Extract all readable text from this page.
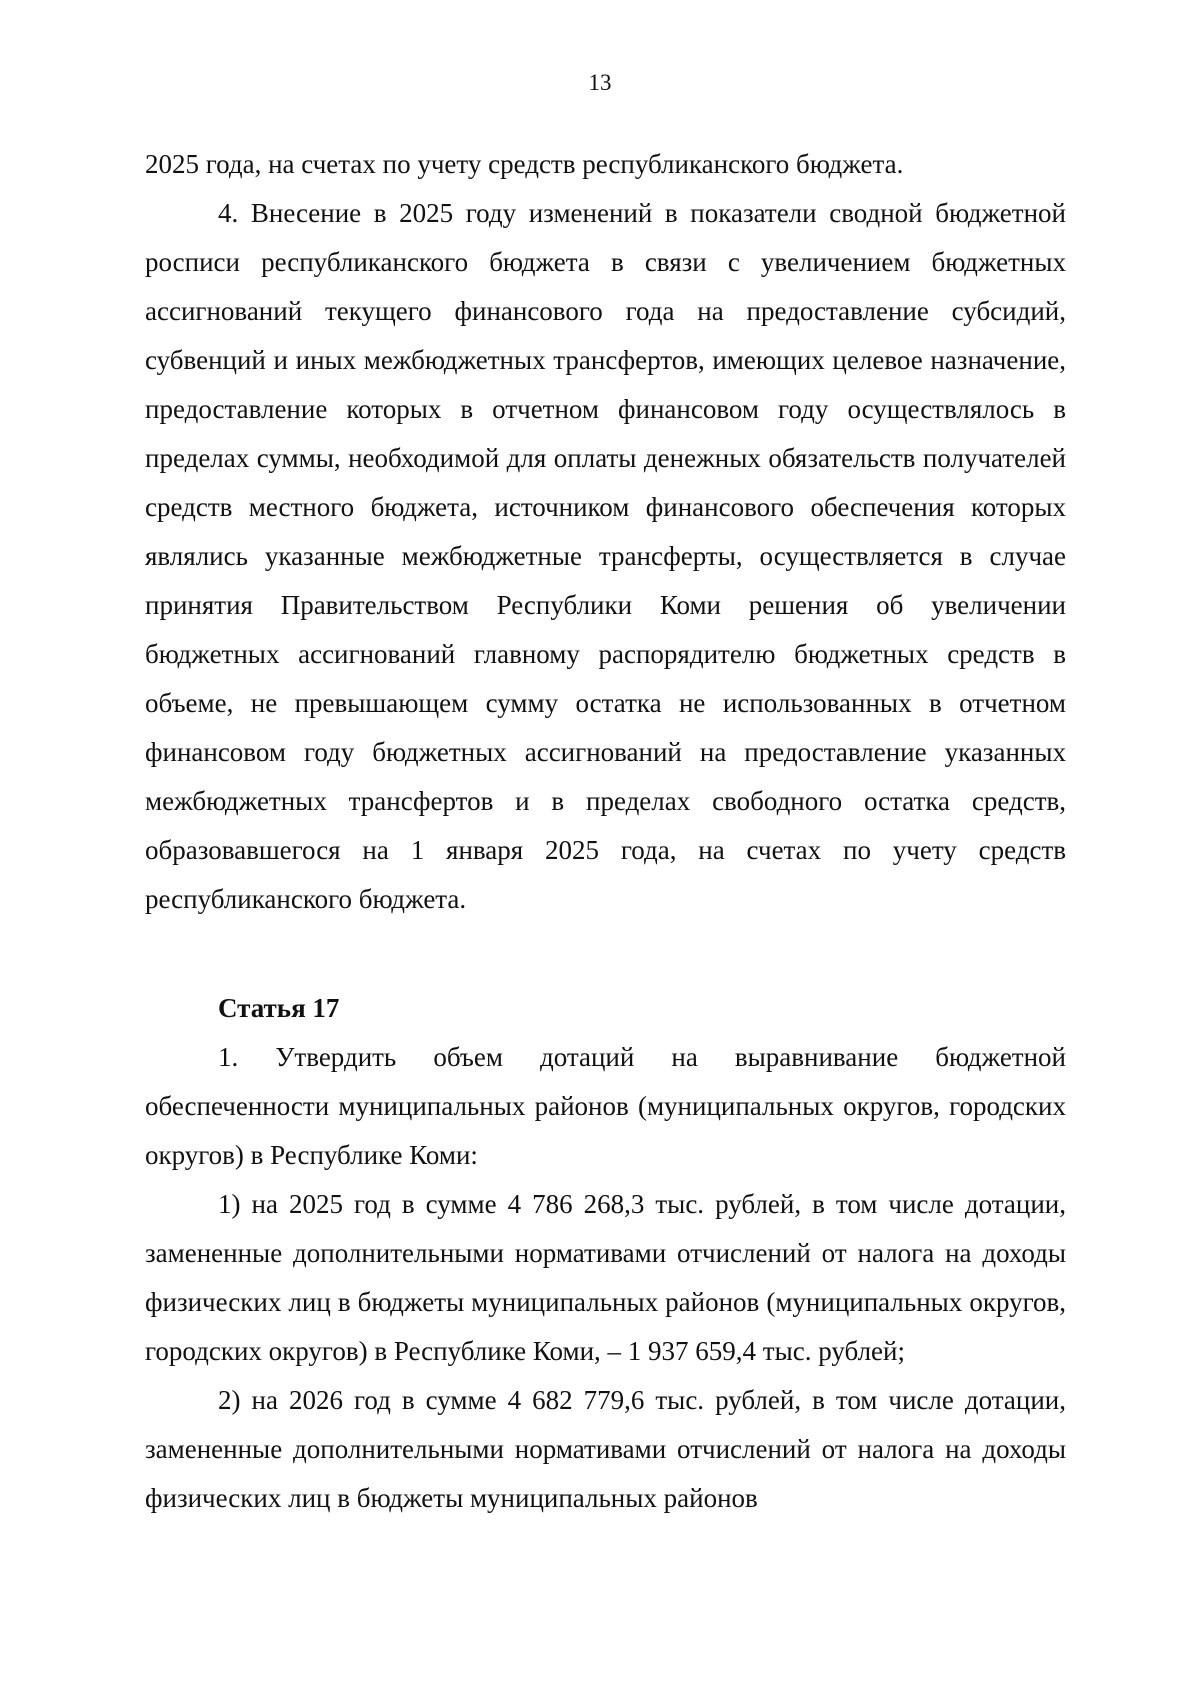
13

2025 года, на счетах по учету средств республиканского бюджета.

4. Внесение в 2025 году изменений в показатели сводной бюджетной росписи республиканского бюджета в связи с увеличением бюджетных ассигнований текущего финансового года на предоставление субсидий, субвенций и иных межбюджетных трансфертов, имеющих целевое назначение, предоставление которых в отчетном финансовом году осуществлялось в пределах суммы, необходимой для оплаты денежных обязательств получателей средств местного бюджета, источником финансового обеспечения которых являлись указанные межбюджетные трансферты, осуществляется в случае принятия Правительством Республики Коми решения об увеличении бюджетных ассигнований главному распорядителю бюджетных средств в объеме, не превышающем сумму остатка не использованных в отчетном финансовом году бюджетных ассигнований на предоставление указанных межбюджетных трансфертов и в пределах свободного остатка средств, образовавшегося на 1 января 2025 года, на счетах по учету средств республиканского бюджета.

Статья 17

1. Утвердить объем дотаций на выравнивание бюджетной обеспеченности муниципальных районов (муниципальных округов, городских округов) в Республике Коми:

1) на 2025 год в сумме 4 786 268,3 тыс. рублей, в том числе дотации, замененные дополнительными нормативами отчислений от налога на доходы физических лиц в бюджеты муниципальных районов (муниципальных округов, городских округов) в Республике Коми, – 1 937 659,4 тыс. рублей;

2) на 2026 год в сумме 4 682 779,6 тыс. рублей, в том числе дотации, замененные дополнительными нормативами отчислений от налога на доходы физических лиц в бюджеты муниципальных районов
